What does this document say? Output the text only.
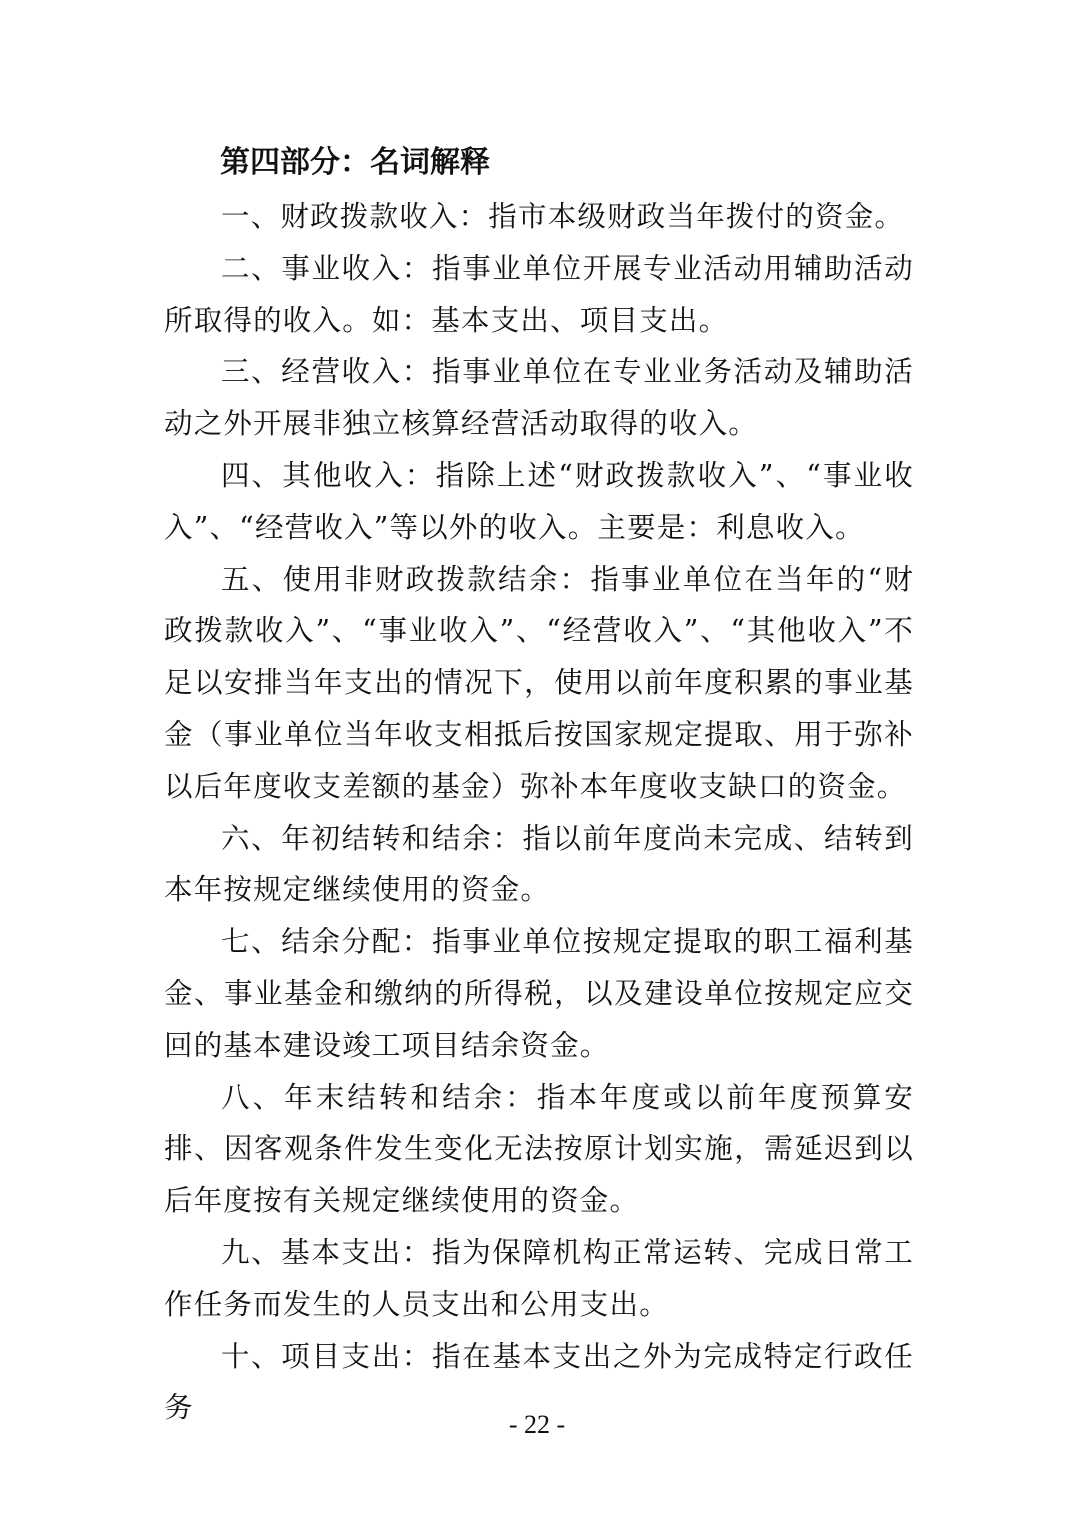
第四部分：名词解释

一、财政拨款收入：指市本级财政当年拨付的资金。

二、事业收入：指事业单位开展专业活动用辅助活动所取得的收入。如：基本支出、项目支出。

三、经营收入：指事业单位在专业业务活动及辅助活动之外开展非独立核算经营活动取得的收入。

四、其他收入：指除上述“财政拨款收入”、“事业收入”、“经营收入”等以外的收入。主要是：利息收入。

五、使用非财政拨款结余：指事业单位在当年的“财政拨款收入”、“事业收入”、“经营收入”、“其他收入”不足以安排当年支出的情况下，使用以前年度积累的事业基金（事业单位当年收支相抵后按国家规定提取、用于弥补以后年度收支差额的基金）弥补本年度收支缺口的资金。

六、年初结转和结余：指以前年度尚未完成、结转到本年按规定继续使用的资金。

七、结余分配：指事业单位按规定提取的职工福利基金、事业基金和缴纳的所得税，以及建设单位按规定应交回的基本建设竣工项目结余资金。

八、年末结转和结余：指本年度或以前年度预算安排、因客观条件发生变化无法按原计划实施，需延迟到以后年度按有关规定继续使用的资金。

九、基本支出：指为保障机构正常运转、完成日常工作任务而发生的人员支出和公用支出。

十、项目支出：指在基本支出之外为完成特定行政任务

- 22 -
